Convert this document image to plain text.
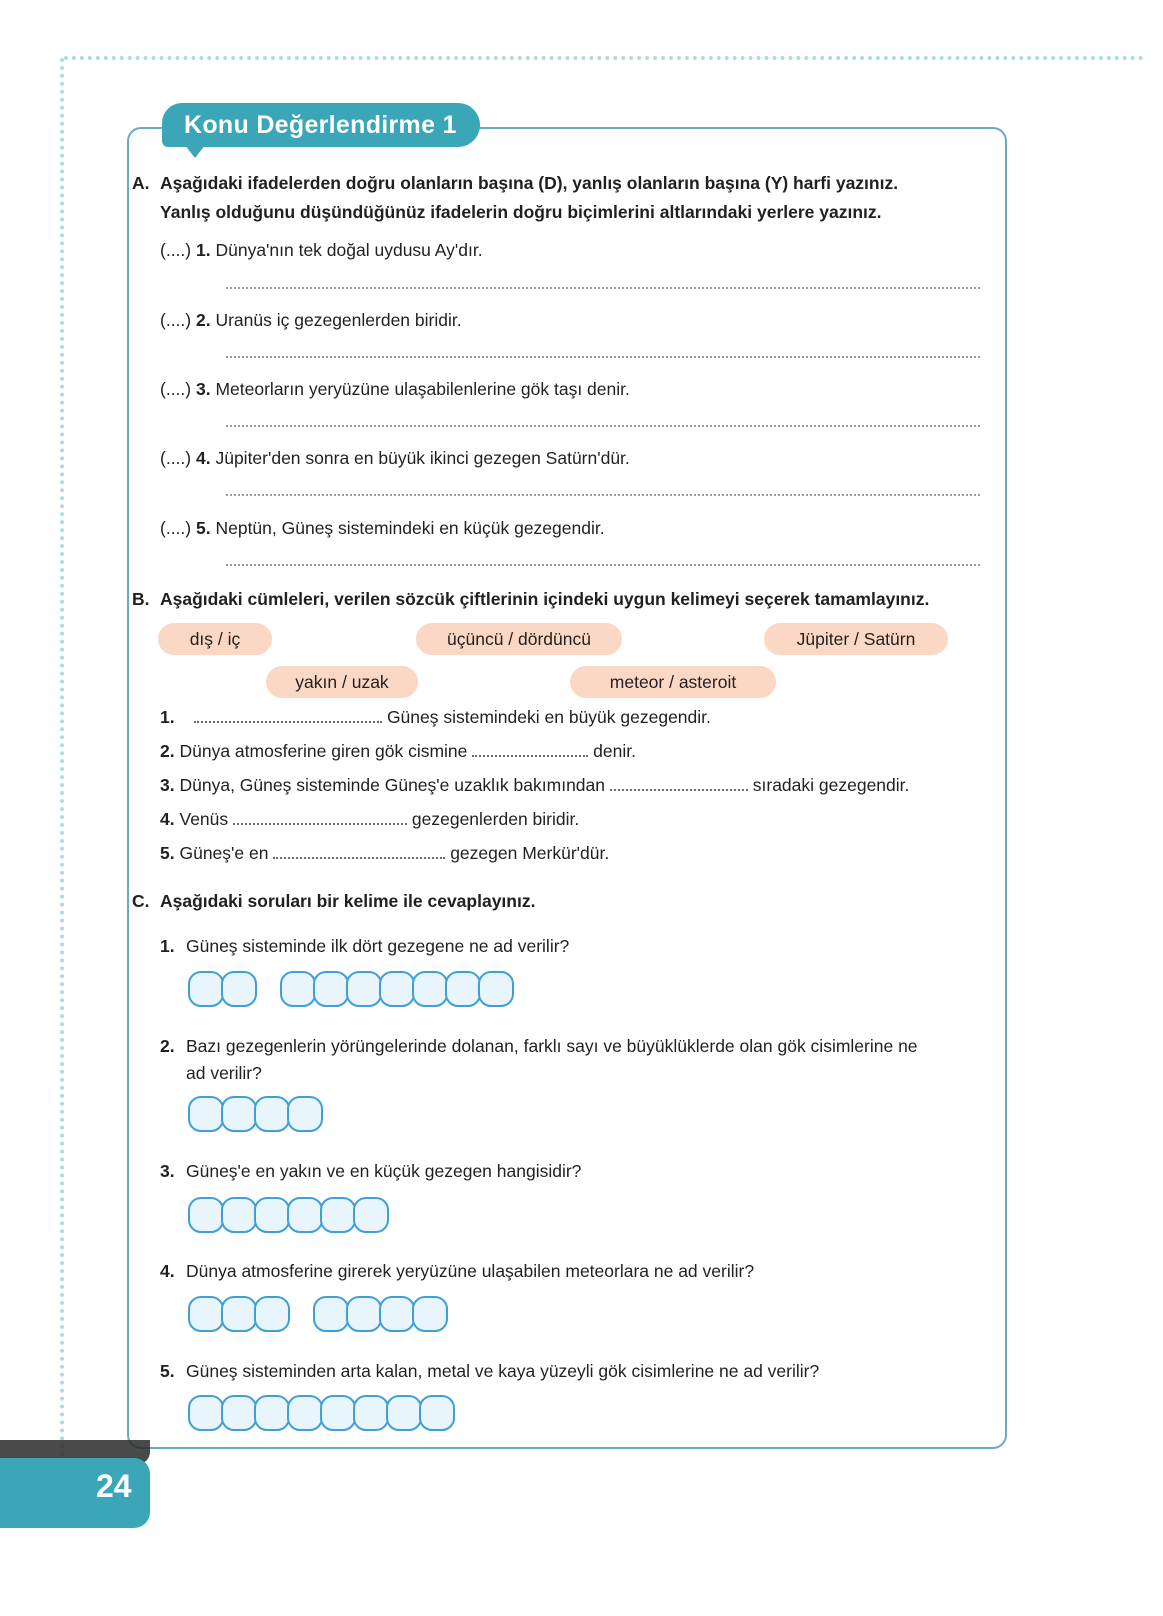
Konu Değerlendirme 1
A. Aşağıdaki ifadelerden doğru olanların başına (D), yanlış olanların başına (Y) harfi yazınız.
Yanlış olduğunu düşündüğünüz ifadelerin doğru biçimlerini altlarındaki yerlere yazınız.
(....) 1. Dünya'nın tek doğal uydusu Ay'dır.
(....) 2. Uranüs iç gezegenlerden biridir.
(....) 3. Meteorların yeryüzüne ulaşabilenlerine gök taşı denir.
(....) 4. Jüpiter'den sonra en büyük ikinci gezegen Satürn'dür.
(....) 5. Neptün, Güneş sistemindeki en küçük gezegendir.
B. Aşağıdaki cümleleri, verilen sözcük çiftlerinin içindeki uygun kelimeyi seçerek tamamlayınız.
dış / iç	üçüncü / dördüncü	Jüpiter / Satürn
yakın / uzak	meteor / asteroit
1.	Güneş sistemindeki en büyük gezegendir.
2. Dünya atmosferine giren gök cismine	denir.
3. Dünya, Güneş sisteminde Güneş'e uzaklık bakımından	sıradaki gezegendir.
4. Venüs	gezegenlerden biridir.
5. Güneş'e en	gezegen Merkür'dür.
C. Aşağıdaki soruları bir kelime ile cevaplayınız.
1. Güneş sisteminde ilk dört gezegene ne ad verilir?
2. Bazı gezegenlerin yörüngelerinde dolanan, farklı sayı ve büyüklüklerde olan gök cisimlerine ne
ad verilir?
3. Güneş'e en yakın ve en küçük gezegen hangisidir?
4. Dünya atmosferine girerek yeryüzüne ulaşabilen meteorlara ne ad verilir?
5. Güneş sisteminden arta kalan, metal ve kaya yüzeyli gök cisimlerine ne ad verilir?
24
